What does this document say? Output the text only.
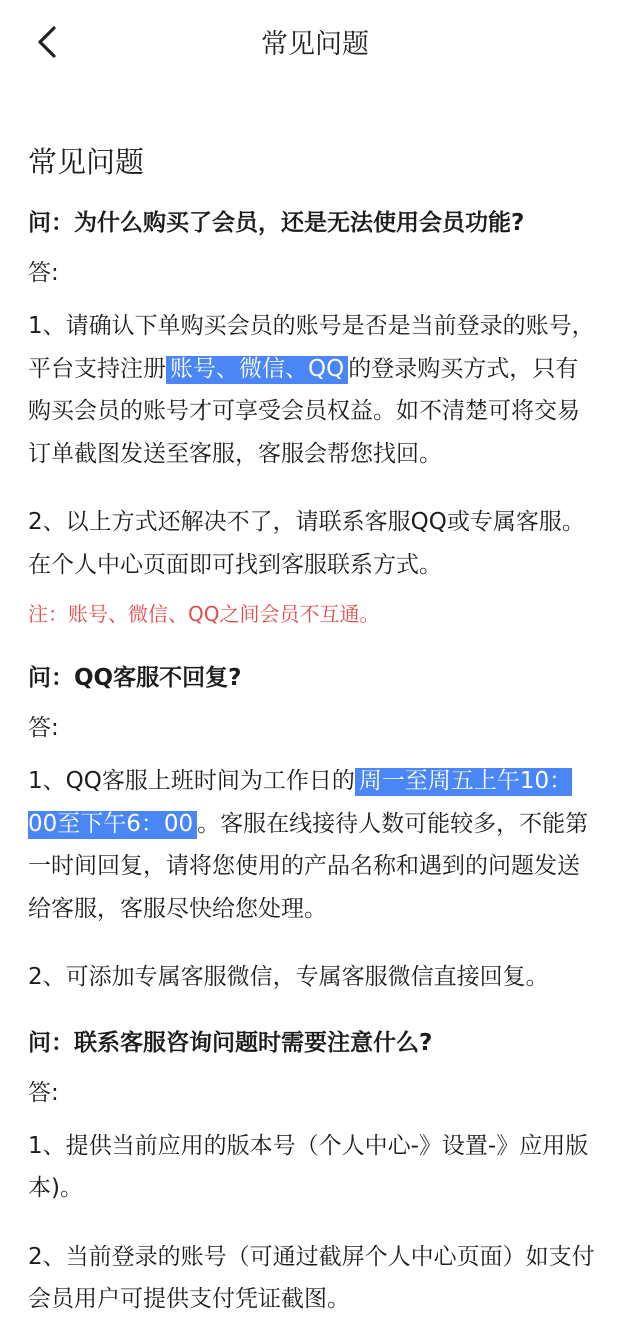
常见问题
常见问题
问：为什么购买了会员，还是无法使用会员功能?
答:
1、请确认下单购买会员的账号是否是当前登录的账号，平台支持注册 账号、微信、QQ 的登录购买方式，只有购买会员的账号才可享受会员权益。如不清楚可将交易订单截图发送至客服，客服会帮您找回。
2、以上方式还解决不了，请联系客服QQ或专属客服。在个人中心页面即可找到客服联系方式。
注：账号、微信、QQ之间会员不互通。
问：QQ客服不回复?
答:
1、QQ客服上班时间为工作日的 周一至周五上午10：00至下午6：00 。客服在线接待人数可能较多，不能第一时间回复，请将您使用的产品名称和遇到的问题发送给客服，客服尽快给您处理。
2、可添加专属客服微信，专属客服微信直接回复。
问：联系客服咨询问题时需要注意什么?
答:
1、提供当前应用的版本号（个人中心-》设置-》应用版本)。
2、当前登录的账号（可通过截屏个人中心页面）如支付会员用户可提供支付凭证截图。
